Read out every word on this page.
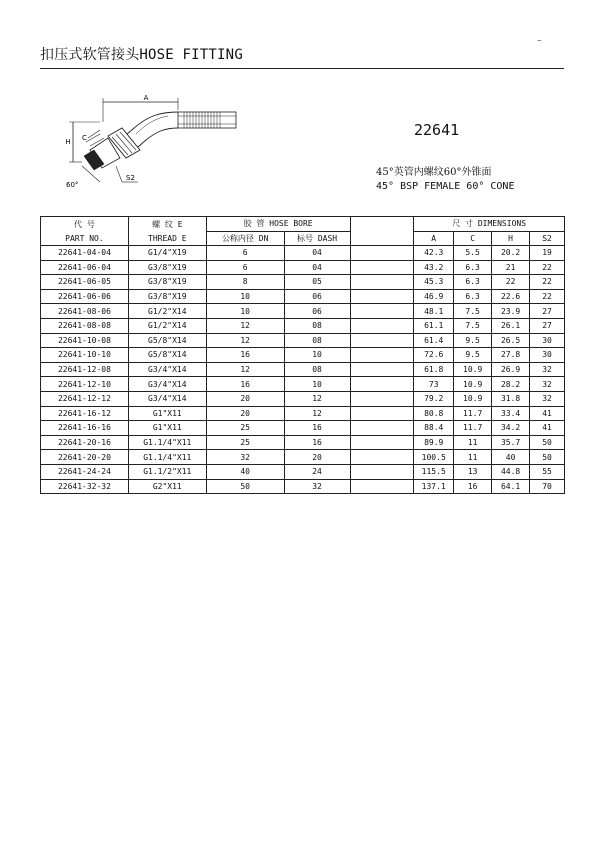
扣压式软管接头HOSE FITTING
–
A
H C
60°
S2
22641
45°英管内螺纹60°外锥面
45° BSP FEMALE 60° CONE
代 号	螺 纹 E	胶 管 HOSE BORE			尺 寸 DIMENSIONS			
PART NO.	THREAD E	公称内径 DN	标号 DASH		A	C	H	S2
22641-04-04	G1/4"X19	6	04		42.3	5.5	20.2	19
22641-06-04	G3/8"X19	6	04		43.2	6.3	21	22
22641-06-05	G3/8"X19	8	05		45.3	6.3	22	22
22641-06-06	G3/8"X19	10	06		46.9	6.3	22.6	22
22641-08-06	G1/2"X14	10	06		48.1	7.5	23.9	27
22641-08-08	G1/2"X14	12	08		61.1	7.5	26.1	27
22641-10-08	G5/8"X14	12	08		61.4	9.5	26.5	30
22641-10-10	G5/8"X14	16	10		72.6	9.5	27.8	30
22641-12-08	G3/4"X14	12	08		61.8	10.9	26.9	32
22641-12-10	G3/4"X14	16	10		73	10.9	28.2	32
22641-12-12	G3/4"X14	20	12		79.2	10.9	31.8	32
22641-16-12	G1"X11	20	12		80.8	11.7	33.4	41
22641-16-16	G1"X11	25	16		88.4	11.7	34.2	41
22641-20-16	G1.1/4"X11	25	16		89.9	11	35.7	50
22641-20-20	G1.1/4"X11	32	20		100.5	11	40	50
22641-24-24	G1.1/2"X11	40	24		115.5	13	44.8	55
22641-32-32	G2"X11	50	32		137.1	16	64.1	70
